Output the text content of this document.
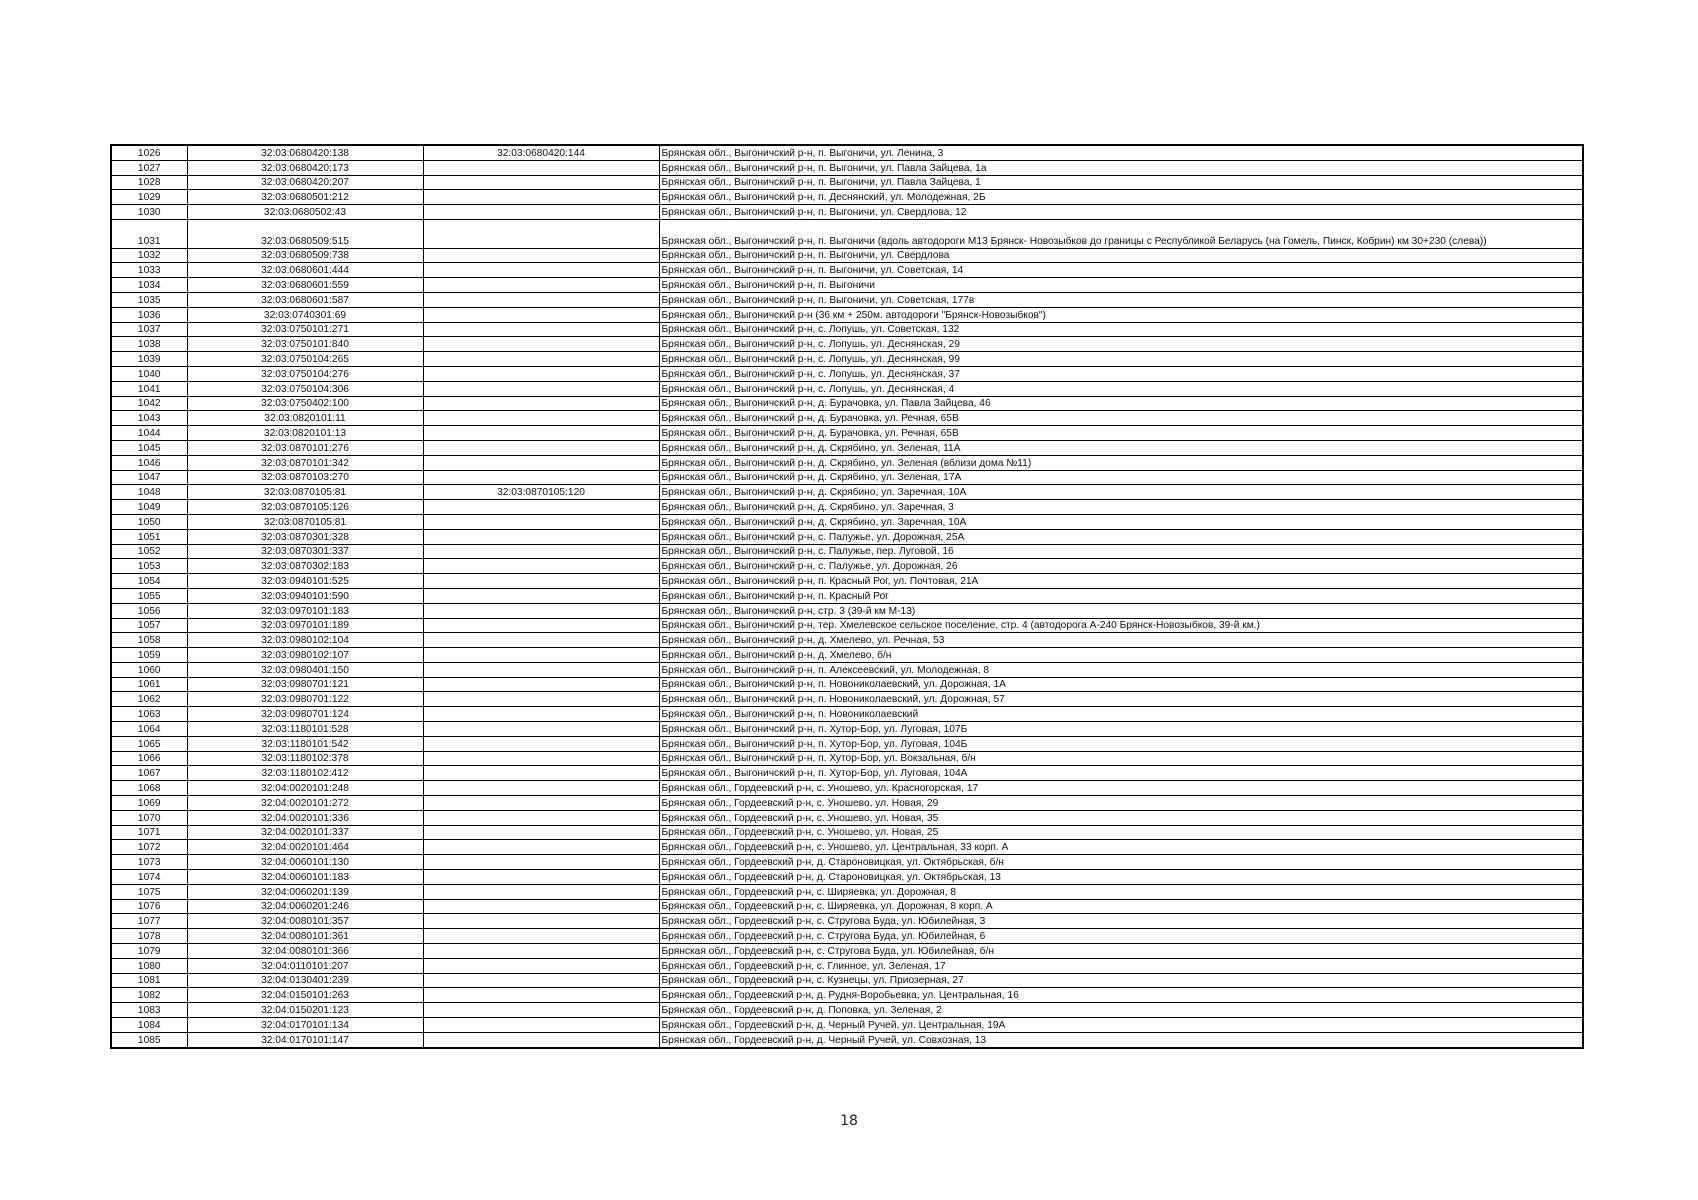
1026	32:03:0680420:138	32:03:0680420:144	Брянская обл., Выгоничский р-н, п. Выгоничи, ул. Ленина, 3
1027	32:03:0680420:173		Брянская обл., Выгоничский р-н, п. Выгоничи, ул. Павла Зайцева, 1а
1028	32:03:0680420:207		Брянская обл., Выгоничский р-н, п. Выгоничи, ул. Павла Зайцева, 1
1029	32:03:0680501:212		Брянская обл., Выгоничский р-н, п. Деснянский, ул. Молодежная, 2Б
1030	32:03:0680502:43		Брянская обл., Выгоничский р-н, п. Выгоничи, ул. Свердлова, 12
1031	32:03:0680509:515		Брянская обл., Выгоничский р-н, п. Выгоничи (вдоль автодороги М13 Брянск- Новозыбков до границы с Республикой Беларусь (на Гомель, Пинск, Кобрин) км 30+230 (слева))
1032	32:03:0680509:738		Брянская обл., Выгоничский р-н, п. Выгоничи, ул. Свердлова
1033	32:03:0680601:444		Брянская обл., Выгоничский р-н, п. Выгоничи, ул. Советская, 14
1034	32:03:0680601:559		Брянская обл., Выгоничский р-н, п. Выгоничи
1035	32:03:0680601:587		Брянская обл., Выгоничский р-н, п. Выгоничи, ул. Советская, 177в
1036	32:03:0740301:69		Брянская обл., Выгоничский р-н (36 км + 250м. автодороги "Брянск-Новозыбков")
1037	32:03:0750101:271		Брянская обл., Выгоничский р-н, с. Лопушь, ул. Советская, 132
1038	32:03:0750101:840		Брянская обл., Выгоничский р-н, с. Лопушь, ул. Деснянская, 29
1039	32:03:0750104:265		Брянская обл., Выгоничский р-н, с. Лопушь, ул. Деснянская, 99
1040	32:03:0750104:276		Брянская обл., Выгоничский р-н, с. Лопушь, ул. Деснянская, 37
1041	32:03:0750104:306		Брянская обл., Выгоничский р-н, с. Лопушь, ул. Деснянская, 4
1042	32:03:0750402:100		Брянская обл., Выгоничский р-н, д. Бурачовка, ул. Павла Зайцева, 46
1043	32:03:0820101:11		Брянская обл., Выгоничский р-н, д. Бурачовка, ул. Речная, 65В
1044	32:03:0820101:13		Брянская обл., Выгоничский р-н, д. Бурачовка, ул. Речная, 65В
1045	32:03:0870101:276		Брянская обл., Выгоничский р-н, д. Скрябино, ул. Зеленая, 11А
1046	32:03:0870101:342		Брянская обл., Выгоничский р-н, д. Скрябино, ул. Зеленая (вблизи дома №11)
1047	32:03:0870103:270		Брянская обл., Выгоничский р-н, д. Скрябино, ул. Зеленая, 17А
1048	32:03:0870105:81	32:03:0870105:120	Брянская обл., Выгоничский р-н, д. Скрябино, ул. Заречная, 10А
1049	32:03:0870105:126		Брянская обл., Выгоничский р-н, д. Скрябино, ул. Заречная, 3
1050	32:03:0870105:81		Брянская обл., Выгоничский р-н, д. Скрябино, ул. Заречная, 10А
1051	32:03:0870301:328		Брянская обл., Выгоничский р-н, с. Палужье, ул. Дорожная, 25А
1052	32:03:0870301:337		Брянская обл., Выгоничский р-н, с. Палужье, пер. Луговой, 16
1053	32:03:0870302:183		Брянская обл., Выгоничский р-н, с. Палужье, ул. Дорожная, 26
1054	32:03:0940101:525		Брянская обл., Выгоничский р-н, п. Красный Рог, ул. Почтовая, 21А
1055	32:03:0940101:590		Брянская обл., Выгоничский р-н, п. Красный Рог
1056	32:03:0970101:183		Брянская обл., Выгоничский р-н, стр. 3 (39-й км М-13)
1057	32:03:0970101:189		Брянская обл., Выгоничский р-н, тер. Хмелевское сельское поселение, стр. 4 (автодорога А-240 Брянск-Новозыбков, 39-й км.)
1058	32:03:0980102:104		Брянская обл., Выгоничский р-н, д. Хмелево, ул. Речная, 53
1059	32:03:0980102:107		Брянская обл., Выгоничский р-н, д. Хмелево, б/н
1060	32:03:0980401:150		Брянская обл., Выгоничский р-н, п. Алексеевский, ул. Молодежная, 8
1061	32:03:0980701:121		Брянская обл., Выгоничский р-н, п. Новониколаевский, ул. Дорожная, 1А
1062	32:03:0980701:122		Брянская обл., Выгоничский р-н, п. Новониколаевский, ул. Дорожная, 57
1063	32:03:0980701:124		Брянская обл., Выгоничский р-н, п. Новониколаевский
1064	32:03:1180101:528		Брянская обл., Выгоничский р-н, п. Хутор-Бор, ул. Луговая, 107Б
1065	32:03:1180101:542		Брянская обл., Выгоничский р-н, п. Хутор-Бор, ул. Луговая, 104Б
1066	32:03:1180102:378		Брянская обл., Выгоничский р-н, п. Хутор-Бор, ул. Вокзальная, б/н
1067	32:03:1180102:412		Брянская обл., Выгоничский р-н, п. Хутор-Бор, ул. Луговая, 104А
1068	32:04:0020101:248		Брянская обл., Гордеевский р-н, с. Уношево, ул. Красногорская, 17
1069	32:04:0020101:272		Брянская обл., Гордеевский р-н, с. Уношево, ул. Новая, 29
1070	32:04:0020101:336		Брянская обл., Гордеевский р-н, с. Уношево, ул. Новая, 35
1071	32:04:0020101:337		Брянская обл., Гордеевский р-н, с. Уношево, ул. Новая, 25
1072	32:04:0020101:464		Брянская обл., Гордеевский р-н, с. Уношево, ул. Центральная, 33 корп. А
1073	32:04:0060101:130		Брянская обл., Гордеевский р-н, д. Староновицкая, ул. Октябрьская, б/н
1074	32:04:0060101:183		Брянская обл., Гордеевский р-н, д. Староновицкая, ул. Октябрьская, 13
1075	32:04:0060201:139		Брянская обл., Гордеевский р-н, с. Ширяевка, ул. Дорожная, 8
1076	32:04:0060201:246		Брянская обл., Гордеевский р-н, с. Ширяевка, ул. Дорожная, 8 корп. А
1077	32:04:0080101:357		Брянская обл., Гордеевский р-н, с. Стругова Буда, ул. Юбилейная, 3
1078	32:04:0080101:361		Брянская обл., Гордеевский р-н, с. Стругова Буда, ул. Юбилейная, 6
1079	32:04:0080101:366		Брянская обл., Гордеевский р-н, с. Стругова Буда, ул. Юбилейная, б/н
1080	32:04:0110101:207		Брянская обл., Гордеевский р-н, с. Глинное, ул. Зеленая, 17
1081	32:04:0130401:239		Брянская обл., Гордеевский р-н, с. Кузнецы, ул. Приозерная, 27
1082	32:04:0150101:263		Брянская обл., Гордеевский р-н, д. Рудня-Воробьевка, ул. Центральная, 16
1083	32:04:0150201:123		Брянская обл., Гордеевский р-н, д. Поповка, ул. Зеленая, 2
1084	32:04:0170101:134		Брянская обл., Гордеевский р-н, д. Черный Ручей, ул. Центральная, 19А
1085	32:04:0170101:147		Брянская обл., Гордеевский р-н, д. Черный Ручей, ул. Совхозная, 13
18
